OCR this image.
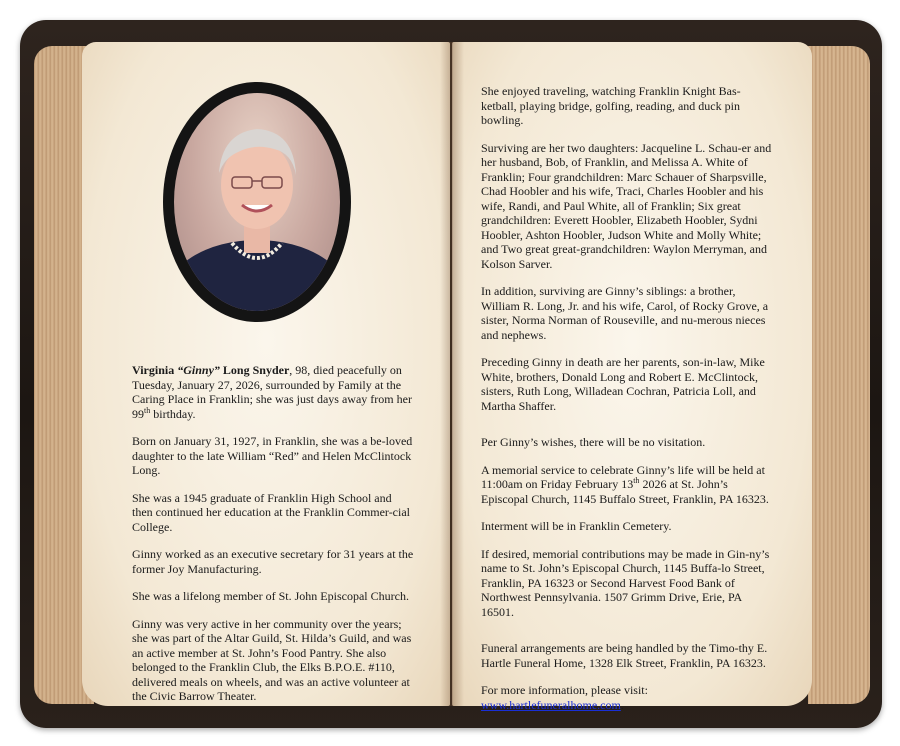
Virginia “Ginny” Long Snyder, 98, died peacefully on Tuesday, January 27, 2026, surrounded by Family at the Caring Place in Franklin; she was just days away from her 99th birthday.

Born on January 31, 1927, in Franklin, she was a be-loved daughter to the late William “Red” and Helen McClintock Long.

She was a 1945 graduate of Franklin High School and then continued her education at the Franklin Commer-cial College.

Ginny worked as an executive secretary for 31 years at the former Joy Manufacturing.

She was a lifelong member of St. John Episcopal Church.

Ginny was very active in her community over the years; she was part of the Altar Guild, St. Hilda’s Guild, and was an active member at St. John’s Food Pantry. She also belonged to the Franklin Club, the Elks B.P.O.E. #110, delivered meals on wheels, and was an active volunteer at the Civic Barrow Theater.

She enjoyed traveling, watching Franklin Knight Bas-ketball, playing bridge, golfing, reading, and duck pin bowling.

Surviving are her two daughters: Jacqueline L. Schau-er and her husband, Bob, of Franklin, and Melissa A. White of Franklin; Four grandchildren: Marc Schauer of Sharpsville, Chad Hoobler and his wife, Traci, Charles Hoobler and his wife, Randi, and Paul White, all of Franklin; Six great grandchildren: Everett Hoobler, Elizabeth Hoobler, Sydni Hoobler, Ashton Hoobler, Judson White and Molly White; and Two great great-grandchildren: Waylon Merryman, and Kolson Sarver.

In addition, surviving are Ginny’s siblings: a brother, William R. Long, Jr. and his wife, Carol, of Rocky Grove, a sister, Norma Norman of Rouseville, and nu-merous nieces and nephews.

Preceding Ginny in death are her parents, son-in-law, Mike White, brothers, Donald Long and Robert E. McClintock, sisters, Ruth Long, Willadean Cochran, Patricia Loll, and Martha Shaffer.

Per Ginny’s wishes, there will be no visitation.

A memorial service to celebrate Ginny’s life will be held at 11:00am on Friday February 13th 2026 at St. John’s Episcopal Church, 1145 Buffalo Street, Franklin, PA 16323.

Interment will be in Franklin Cemetery.

If desired, memorial contributions may be made in Gin-ny’s name to St. John’s Episcopal Church, 1145 Buffa-lo Street, Franklin, PA 16323 or Second Harvest Food Bank of Northwest Pennsylvania. 1507 Grimm Drive, Erie, PA 16501.

Funeral arrangements are being handled by the Timo-thy E. Hartle Funeral Home, 1328 Elk Street, Franklin, PA 16323.

For more information, please visit:
www.hartlefuneralhome.com.
